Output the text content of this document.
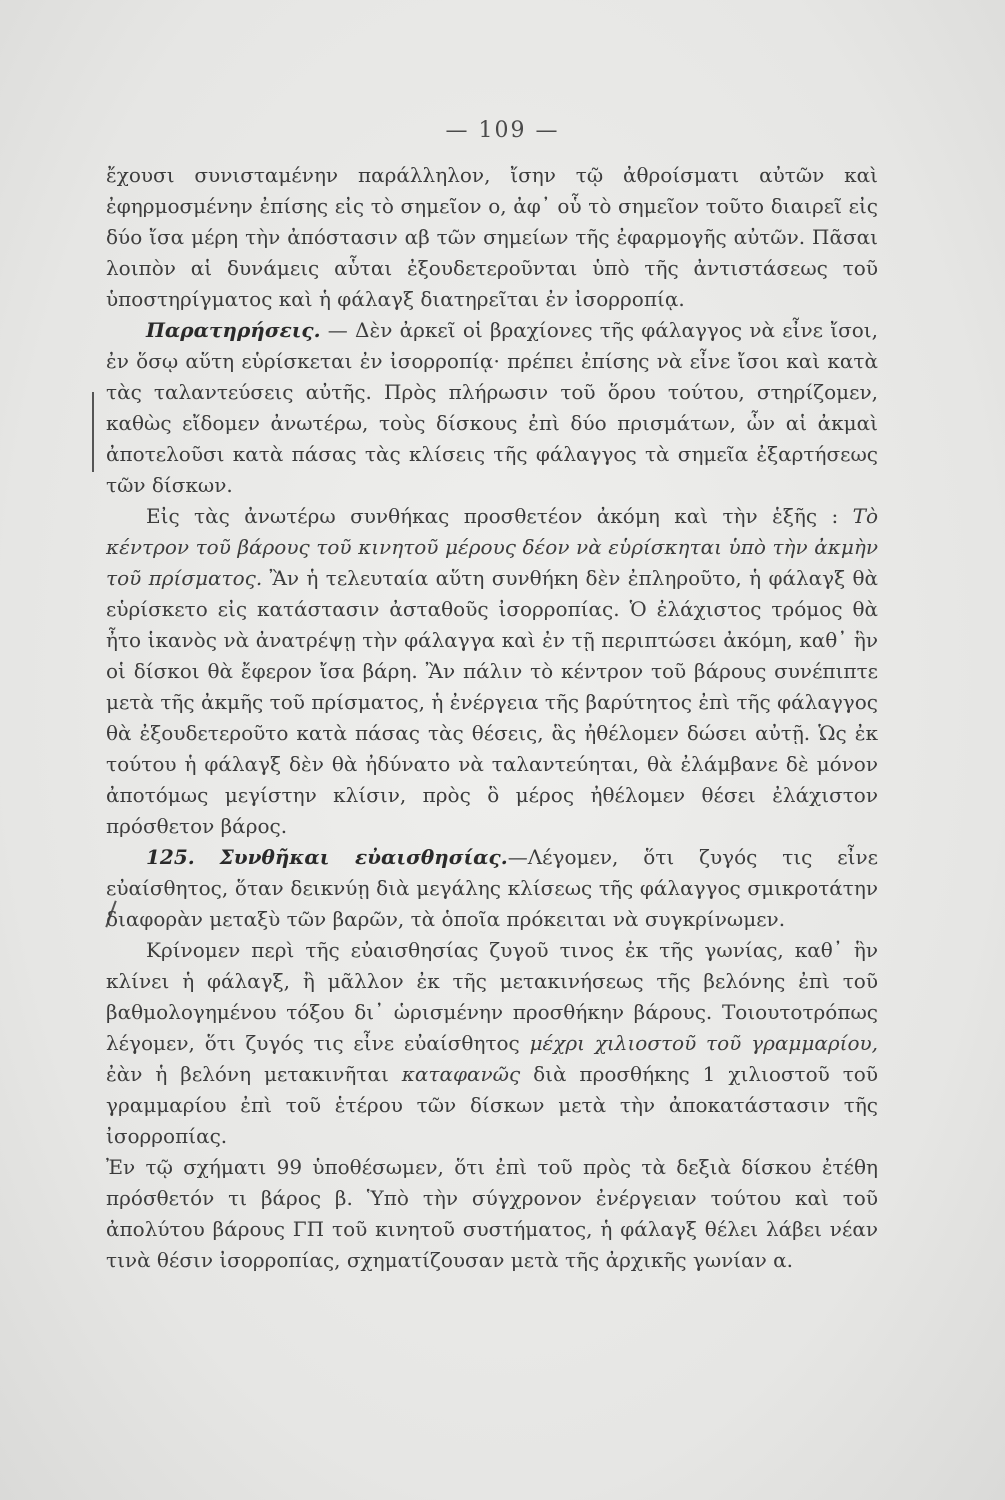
— 109 —

ἔχουσι συνισταμένην παράλληλον, ἴσην τῷ ἀθροίσματι αὐτῶν καὶ ἐφηρμοσμένην ἐπίσης εἰς τὸ σημεῖον ο, ἀφ᾽ οὗ τὸ σημεῖον τοῦτο διαιρεῖ εἰς δύο ἴσα μέρη τὴν ἀπόστασιν αβ τῶν σημείων τῆς ἐφαρμογῆς αὐτῶν. Πᾶσαι λοιπὸν αἱ δυνάμεις αὗται ἐξουδετεροῦνται ὑπὸ τῆς ἀντιστάσεως τοῦ ὑποστηρίγματος καὶ ἡ φάλαγξ διατηρεῖται ἐν ἰσορροπίᾳ.

Παρατηρήσεις. — Δὲν ἀρκεῖ οἱ βραχίονες τῆς φάλαγγος νὰ εἶνε ἴσοι, ἐν ὅσῳ αὕτη εὑρίσκεται ἐν ἰσορροπίᾳ· πρέπει ἐπίσης νὰ εἶνε ἴσοι καὶ κατὰ τὰς ταλαντεύσεις αὐτῆς. Πρὸς πλήρωσιν τοῦ ὅρου τούτου, στηρίζομεν, καθὼς εἴδομεν ἀνωτέρω, τοὺς δίσκους ἐπὶ δύο πρισμάτων, ὧν αἱ ἀκμαὶ ἀποτελοῦσι κατὰ πάσας τὰς κλίσεις τῆς φάλαγγος τὰ σημεῖα ἐξαρτήσεως τῶν δίσκων.

Εἰς τὰς ἀνωτέρω συνθήκας προσθετέον ἀκόμη καὶ τὴν ἑξῆς : Τὸ κέντρον τοῦ βάρους τοῦ κινητοῦ μέρους δέον νὰ εὑρίσκηται ὑπὸ τὴν ἀκμὴν τοῦ πρίσματος. Ἂν ἡ τελευταία αὕτη συνθήκη δὲν ἐπληροῦτο, ἡ φάλαγξ θὰ εὑρίσκετο εἰς κατάστασιν ἀσταθοῦς ἰσορροπίας. Ὁ ἐλάχιστος τρόμος θὰ ἦτο ἱκανὸς νὰ ἀνατρέψῃ τὴν φάλαγγα καὶ ἐν τῇ περιπτώσει ἀκόμη, καθ᾽ ἣν οἱ δίσκοι θὰ ἔφερον ἴσα βάρη. Ἂν πάλιν τὸ κέντρον τοῦ βάρους συνέπιπτε μετὰ τῆς ἀκμῆς τοῦ πρίσματος, ἡ ἐνέργεια τῆς βαρύτητος ἐπὶ τῆς φάλαγγος θὰ ἐξουδετεροῦτο κατὰ πάσας τὰς θέσεις, ἃς ἠθέλομεν δώσει αὐτῇ. Ὡς ἐκ τούτου ἡ φάλαγξ δὲν θὰ ἠδύνατο νὰ ταλαντεύηται, θὰ ἐλάμβανε δὲ μόνον ἀποτόμως μεγίστην κλίσιν, πρὸς ὃ μέρος ἠθέλομεν θέσει ἐλάχιστον πρόσθετον βάρος.

125. Συνθῆκαι εὐαισθησίας.—Λέγομεν, ὅτι ζυγός τις εἶνε εὐαίσθητος, ὅταν δεικνύῃ διὰ μεγάλης κλίσεως τῆς φάλαγγος σμικροτάτην διαφορὰν μεταξὺ τῶν βαρῶν, τὰ ὁποῖα πρόκειται νὰ συγκρίνωμεν.

Κρίνομεν περὶ τῆς εὐαισθησίας ζυγοῦ τινος ἐκ τῆς γωνίας, καθ᾽ ἣν κλίνει ἡ φάλαγξ, ἢ μᾶλλον ἐκ τῆς μετακινήσεως τῆς βελόνης ἐπὶ τοῦ βαθμολογημένου τόξου δι᾽ ὡρισμένην προσθήκην βάρους. Τοιουτοτρόπως λέγομεν, ὅτι ζυγός τις εἶνε εὐαίσθητος μέχρι χιλιοστοῦ τοῦ γραμμαρίου, ἐὰν ἡ βελόνη μετακινῆται καταφανῶς διὰ προσθήκης 1 χιλιοστοῦ τοῦ γραμμαρίου ἐπὶ τοῦ ἑτέρου τῶν δίσκων μετὰ τὴν ἀποκατάστασιν τῆς ἰσορροπίας.

Ἐν τῷ σχήματι 99 ὑποθέσωμεν, ὅτι ἐπὶ τοῦ πρὸς τὰ δεξιὰ δίσκου ἐτέθη πρόσθετόν τι βάρος β. Ὑπὸ τὴν σύγχρονον ἐνέργειαν τούτου καὶ τοῦ ἀπολύτου βάρους ΓΠ τοῦ κινητοῦ συστήματος, ἡ φάλαγξ θέλει λάβει νέαν τινὰ θέσιν ἰσορροπίας, σχηματίζουσαν μετὰ τῆς ἀρχικῆς γωνίαν α.
